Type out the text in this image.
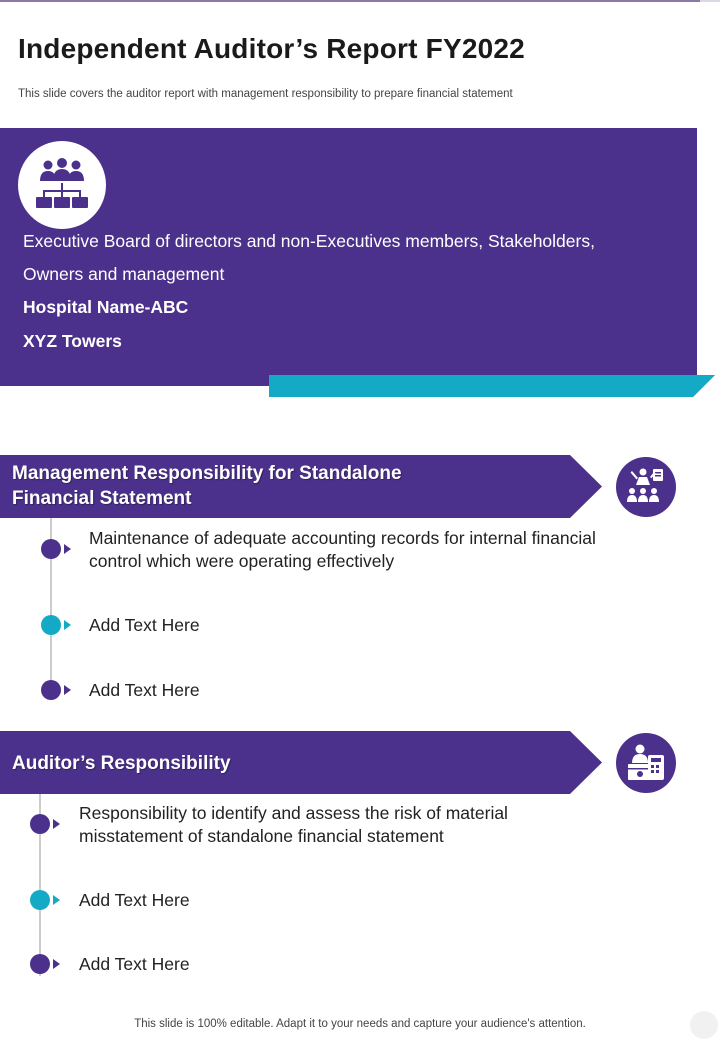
Independent Auditor’s Report FY2022

This slide covers the auditor report with management responsibility to prepare financial statement

Executive Board of directors and non-Executives members, Stakeholders,
Owners and management
Hospital Name-ABC
XYZ Towers
Management Responsibility for Standalone
Financial Statement
Maintenance of adequate accounting records for internal financial
control which were operating effectively
Add Text Here
Add Text Here
Auditor’s Responsibility
Responsibility to identify and assess the risk of material
misstatement of standalone financial statement
Add Text Here
Add Text Here

This slide is 100% editable. Adapt it to your needs and capture your audience's attention.
